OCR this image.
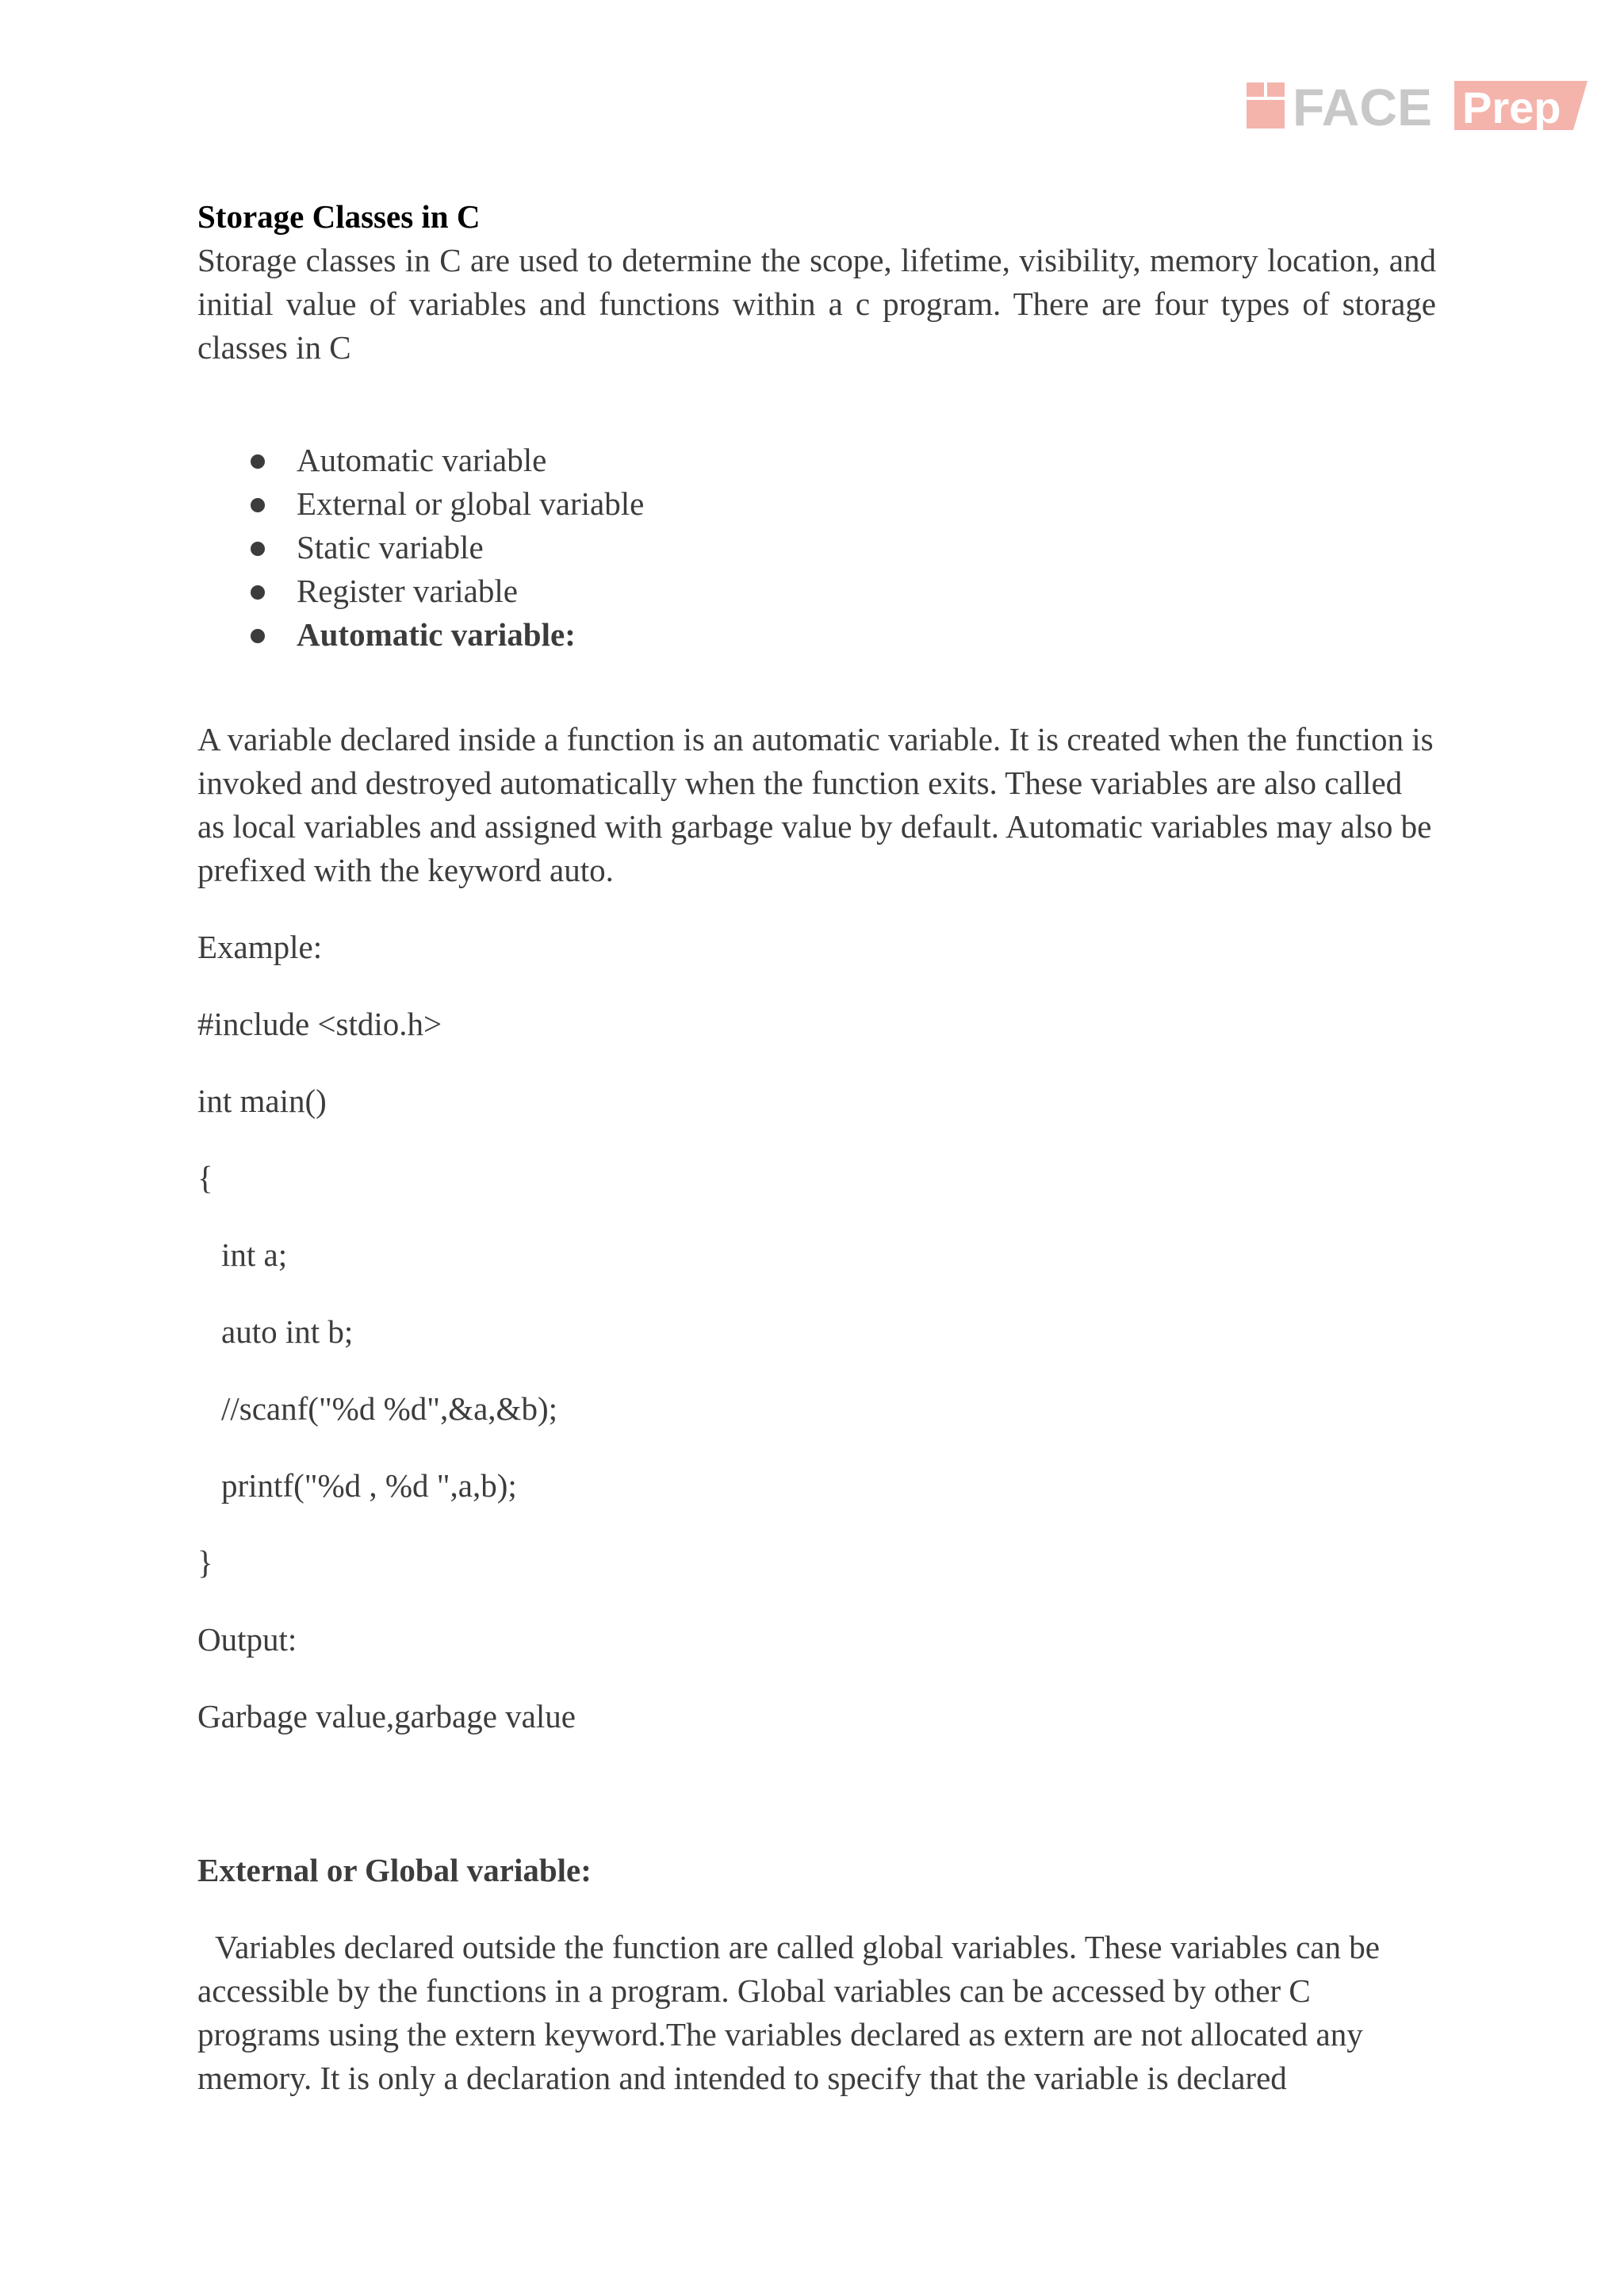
FACE Prep

Storage Classes in C

Storage classes in C are used to determine the scope, lifetime, visibility, memory location, and initial value of variables and functions within a c program. There are four types of storage classes in C

Automatic variable
External or global variable
Static variable
Register variable
Automatic variable:

A variable declared inside a function is an automatic variable. It is created when the function is invoked and destroyed automatically when the function exits. These variables are also called as local variables and assigned with garbage value by default. Automatic variables may also be prefixed with the keyword auto.

Example:

#include <stdio.h>

int main()

{

int a;

auto int b;

//scanf("%d %d",&a,&b);

printf("%d , %d ",a,b);

}

Output:

Garbage value,garbage value

External or Global variable:

Variables declared outside the function are called global variables. These variables can be accessible by the functions in a program. Global variables can be accessed by other C programs using the extern keyword.The variables declared as extern are not allocated any memory. It is only a declaration and intended to specify that the variable is declared
